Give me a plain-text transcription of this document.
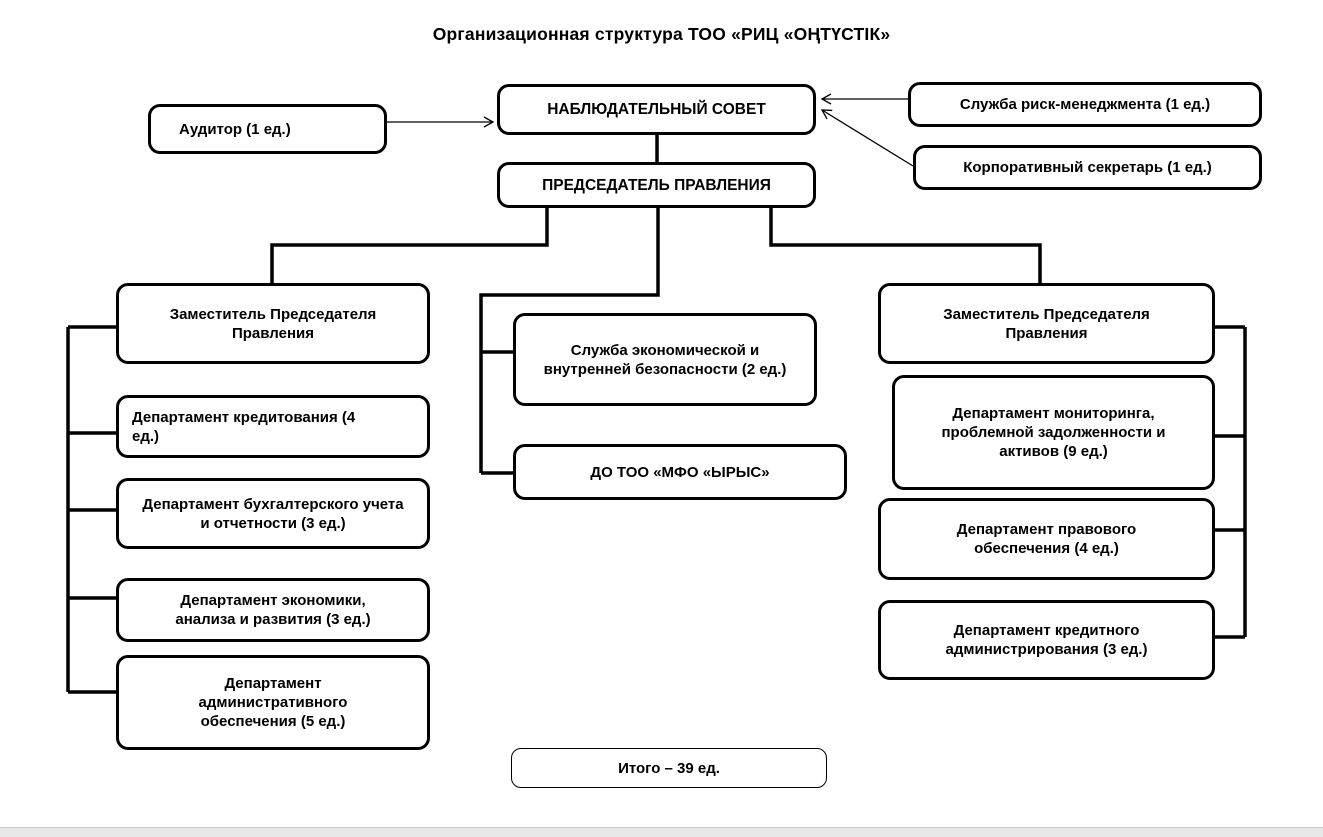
Организационная структура ТОО «РИЦ «ОҢТҮСТІК»
Аудитор (1 ед.)
НАБЛЮДАТЕЛЬНЫЙ СОВЕТ	Служба риск-менеджмента (1 ед.)
Корпоративный секретарь (1 ед.)
ПРЕДСЕДАТЕЛЬ ПРАВЛЕНИЯ
Заместитель Председателя Правления
Департамент кредитования (4 ед.)
Департамент бухгалтерского учета и отчетности (3 ед.)
Департамент экономики, анализа и развития (3 ед.)
Департамент административного обеспечения (5 ед.)
Служба экономической и внутренней безопасности (2 ед.)
ДО ТОО «МФО «ЫРЫС»
Заместитель Председателя Правления
Департамент мониторинга, проблемной задолженности и активов (9 ед.)
Департамент правового обеспечения (4 ед.)
Департамент кредитного администрирования (3 ед.)
Итого – 39 ед.
